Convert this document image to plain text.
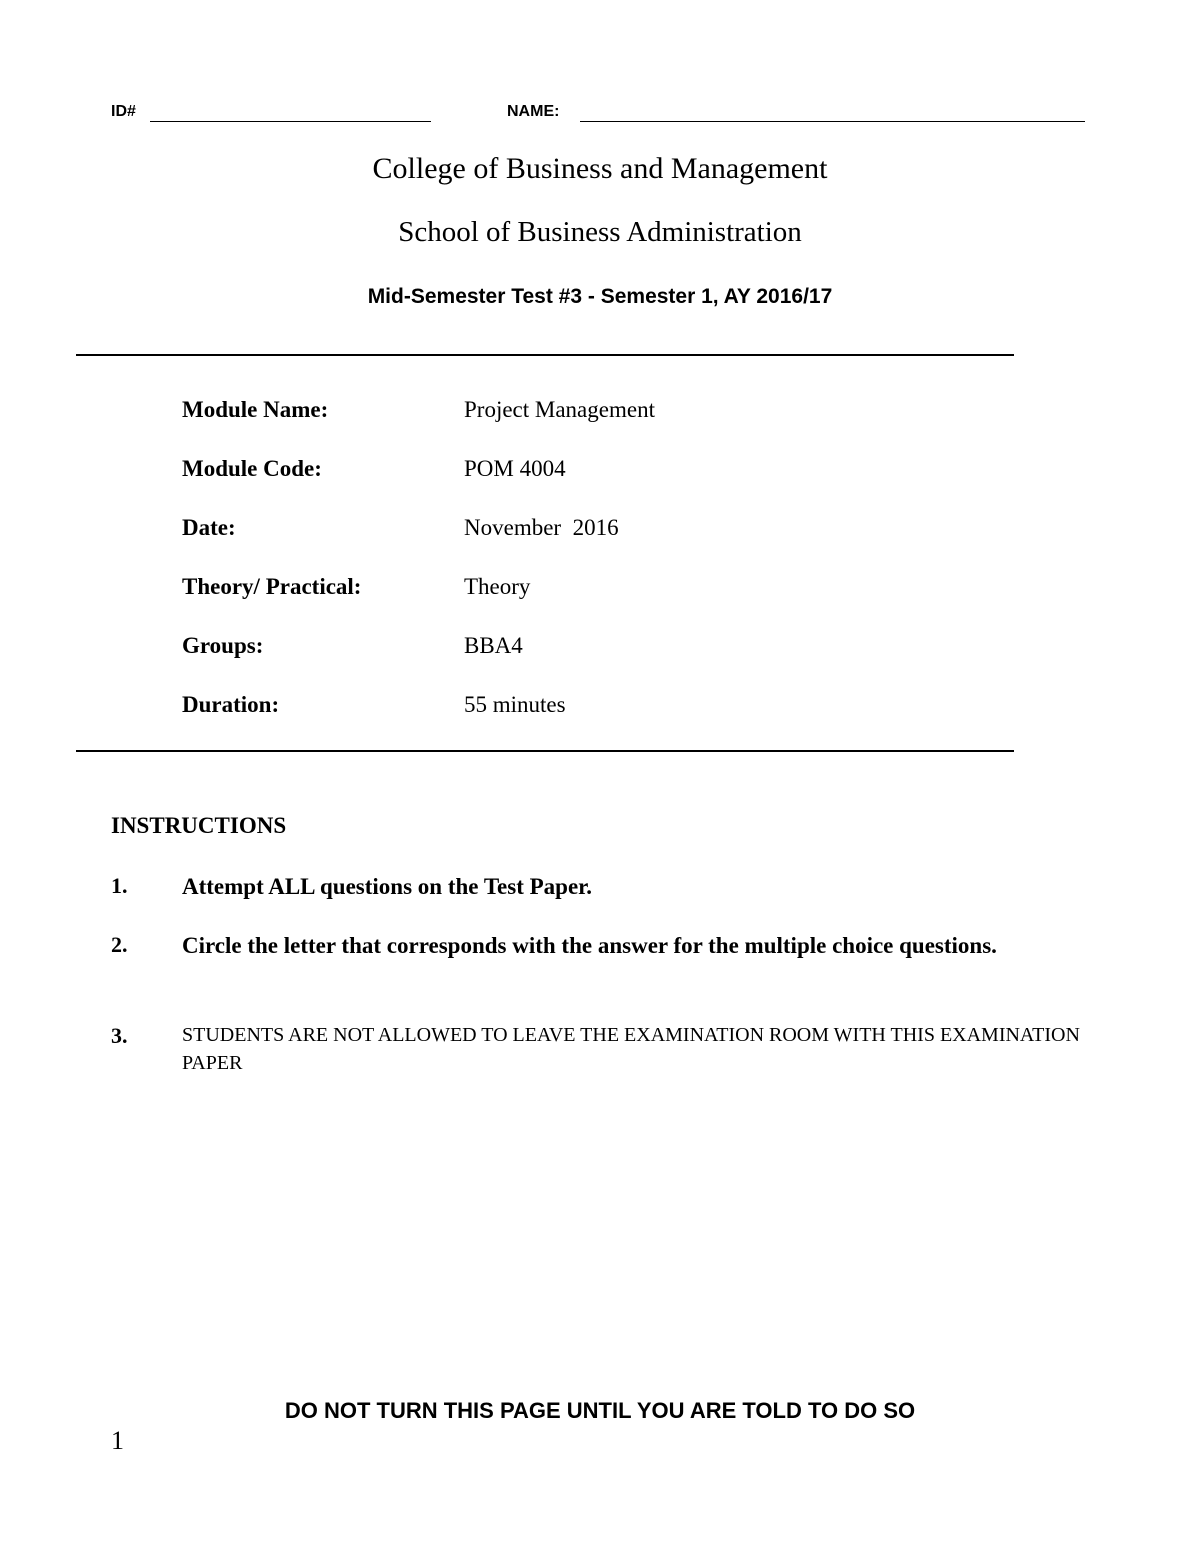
ID#	NAME:
College of Business and Management
School of Business Administration
Mid-Semester Test #3 - Semester 1, AY 2016/17
Module Name:	Project Management
Module Code:	POM 4004
Date:	November  2016
Theory/ Practical:	Theory
Groups:	BBA4
Duration:	55 minutes
INSTRUCTIONS
1. Attempt ALL questions on the Test Paper.
2. Circle the letter that corresponds with the answer for the multiple choice questions.
3.	STUDENTS ARE NOT ALLOWED TO LEAVE THE EXAMINATION ROOM WITH THIS EXAMINATION PAPER
DO NOT TURN THIS PAGE UNTIL YOU ARE TOLD TO DO SO
1
